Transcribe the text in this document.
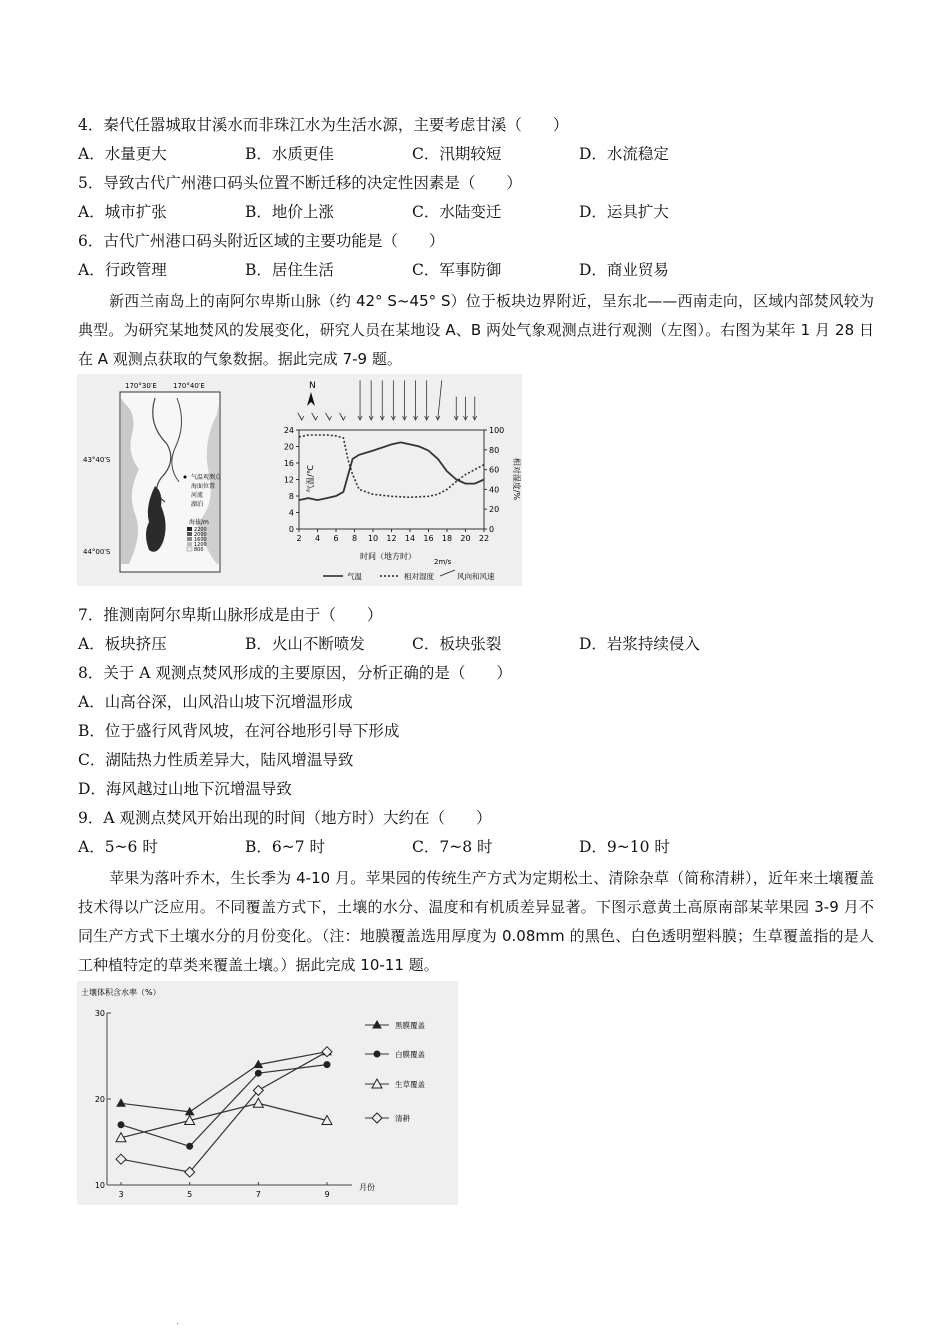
4．秦代任嚣城取甘溪水而非珠江水为生活水源，主要考虑甘溪（　　）
A．水量更大	B．水质更佳	C．汛期较短	D．水流稳定
5．导致古代广州港口码头位置不断迁移的决定性因素是（　　）
A．城市扩张	B．地价上涨	C．水陆变迁	D．运具扩大
6．古代广州港口码头附近区域的主要功能是（　　）
A．行政管理	B．居住生活	C．军事防御	D．商业贸易
新西兰南岛上的南阿尔卑斯山脉（约 42° S~45° S）位于板块边界附近，呈东北——西南走向，区域内部焚风较为典型。为研究某地焚风的发展变化，研究人员在某地设 A、B 两处气象观测点进行观测（左图）。右图为某年 1 月 28 日在 A 观测点获取的气象数据。据此完成 7-9 题。
170°30′E 170°40′E
43°40′S
44°00′S
气温观测点
海面位置
河流
湖泊
海拔/m
2200
2000
1600
1200
800
N
2 4 6 8 10 12 14 16 18 20 22
0
4
8
12
16
20
24
0
20
40
60
80
100
时间（地方时）
气温/℃	相对湿度/%
2m/s
气温	相对湿度	风向和风速
7．推测南阿尔卑斯山脉形成是由于（　　）
A．板块挤压	B．火山不断喷发	C．板块张裂	D．岩浆持续侵入
8．关于 A 观测点焚风形成的主要原因，分析正确的是（　　）
A．山高谷深，山风沿山坡下沉增温形成
B．位于盛行风背风坡，在河谷地形引导下形成
C．湖陆热力性质差异大，陆风增温导致
D．海风越过山地下沉增温导致
9．A 观测点焚风开始出现的时间（地方时）大约在（　　）
A．5~6 时	B．6~7 时	C．7~8 时	D．9~10 时
苹果为落叶乔木，生长季为 4-10 月。苹果园的传统生产方式为定期松土、清除杂草（简称清耕），近年来土壤覆盖技术得以广泛应用。不同覆盖方式下，土壤的水分、温度和有机质差异显著。下图示意黄土高原南部某苹果园 3-9 月不同生产方式下土壤水分的月份变化。（注：地膜覆盖选用厚度为 0.08mm 的黑色、白色透明塑料膜；生草覆盖指的是人工种植特定的草类来覆盖土壤。）据此完成 10-11 题。
土壤体积含水率（%）
10
20
30
3	5	7	9
月份
黑膜覆盖
白膜覆盖
生草覆盖
清耕
.
